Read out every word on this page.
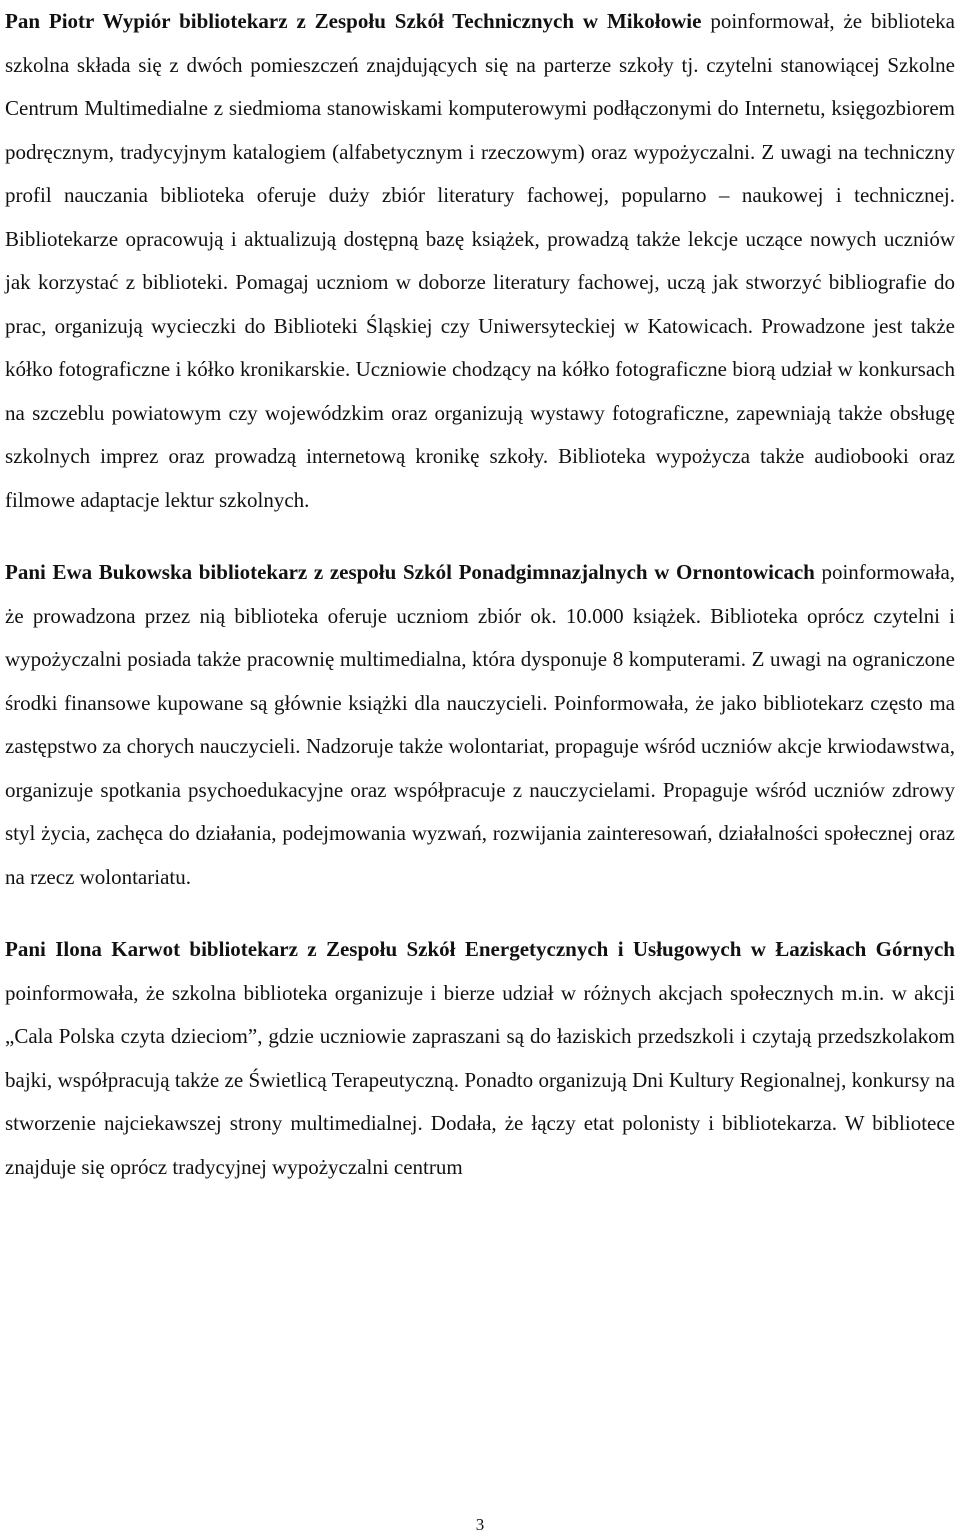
Pan Piotr Wypiór bibliotekarz z Zespołu Szkół Technicznych w Mikołowie poinformował, że biblioteka szkolna składa się z dwóch pomieszczeń znajdujących się na parterze szkoły tj. czytelni stanowiącej Szkolne Centrum Multimedialne z siedmioma stanowiskami komputerowymi podłączonymi do Internetu, księgozbiorem podręcznym, tradycyjnym katalogiem (alfabetycznym i rzeczowym) oraz wypożyczalni. Z uwagi na techniczny profil nauczania biblioteka oferuje duży zbiór literatury fachowej, popularno – naukowej i technicznej. Bibliotekarze opracowują i aktualizują dostępną bazę książek, prowadzą także lekcje uczące nowych uczniów jak korzystać z biblioteki. Pomagaj uczniom w doborze literatury fachowej, uczą jak stworzyć bibliografie do prac, organizują wycieczki do Biblioteki Śląskiej czy Uniwersyteckiej w Katowicach. Prowadzone jest także kółko fotograficzne i kółko kronikarskie. Uczniowie chodzący na kółko fotograficzne biorą udział w konkursach na szczeblu powiatowym czy wojewódzkim oraz organizują wystawy fotograficzne, zapewniają także obsługę szkolnych imprez oraz prowadzą internetową kronikę szkoły. Biblioteka wypożycza także audiobooki oraz filmowe adaptacje lektur szkolnych.

Pani Ewa Bukowska bibliotekarz z zespołu Szkól Ponadgimnazjalnych w Ornontowicach poinformowała, że prowadzona przez nią biblioteka oferuje uczniom zbiór ok. 10.000 książek. Biblioteka oprócz czytelni i wypożyczalni posiada także pracownię multimedialna, która dysponuje 8 komputerami. Z uwagi na ograniczone środki finansowe kupowane są głównie książki dla nauczycieli. Poinformowała, że jako bibliotekarz często ma zastępstwo za chorych nauczycieli. Nadzoruje także wolontariat, propaguje wśród uczniów akcje krwiodawstwa, organizuje spotkania psychoedukacyjne oraz współpracuje z nauczycielami. Propaguje wśród uczniów zdrowy styl życia, zachęca do działania, podejmowania wyzwań, rozwijania zainteresowań, działalności społecznej oraz na rzecz wolontariatu.

Pani Ilona Karwot bibliotekarz z Zespołu Szkół Energetycznych i Usługowych w Łaziskach Górnych poinformowała, że szkolna biblioteka organizuje i bierze udział w różnych akcjach społecznych m.in. w akcji „Cala Polska czyta dzieciom”, gdzie uczniowie zapraszani są do łaziskich przedszkoli i czytają przedszkolakom bajki, współpracują także ze Świetlicą Terapeutyczną. Ponadto organizują Dni Kultury Regionalnej, konkursy na stworzenie najciekawszej strony multimedialnej. Dodała, że łączy etat polonisty i bibliotekarza. W bibliotece znajduje się oprócz tradycyjnej wypożyczalni centrum

3
